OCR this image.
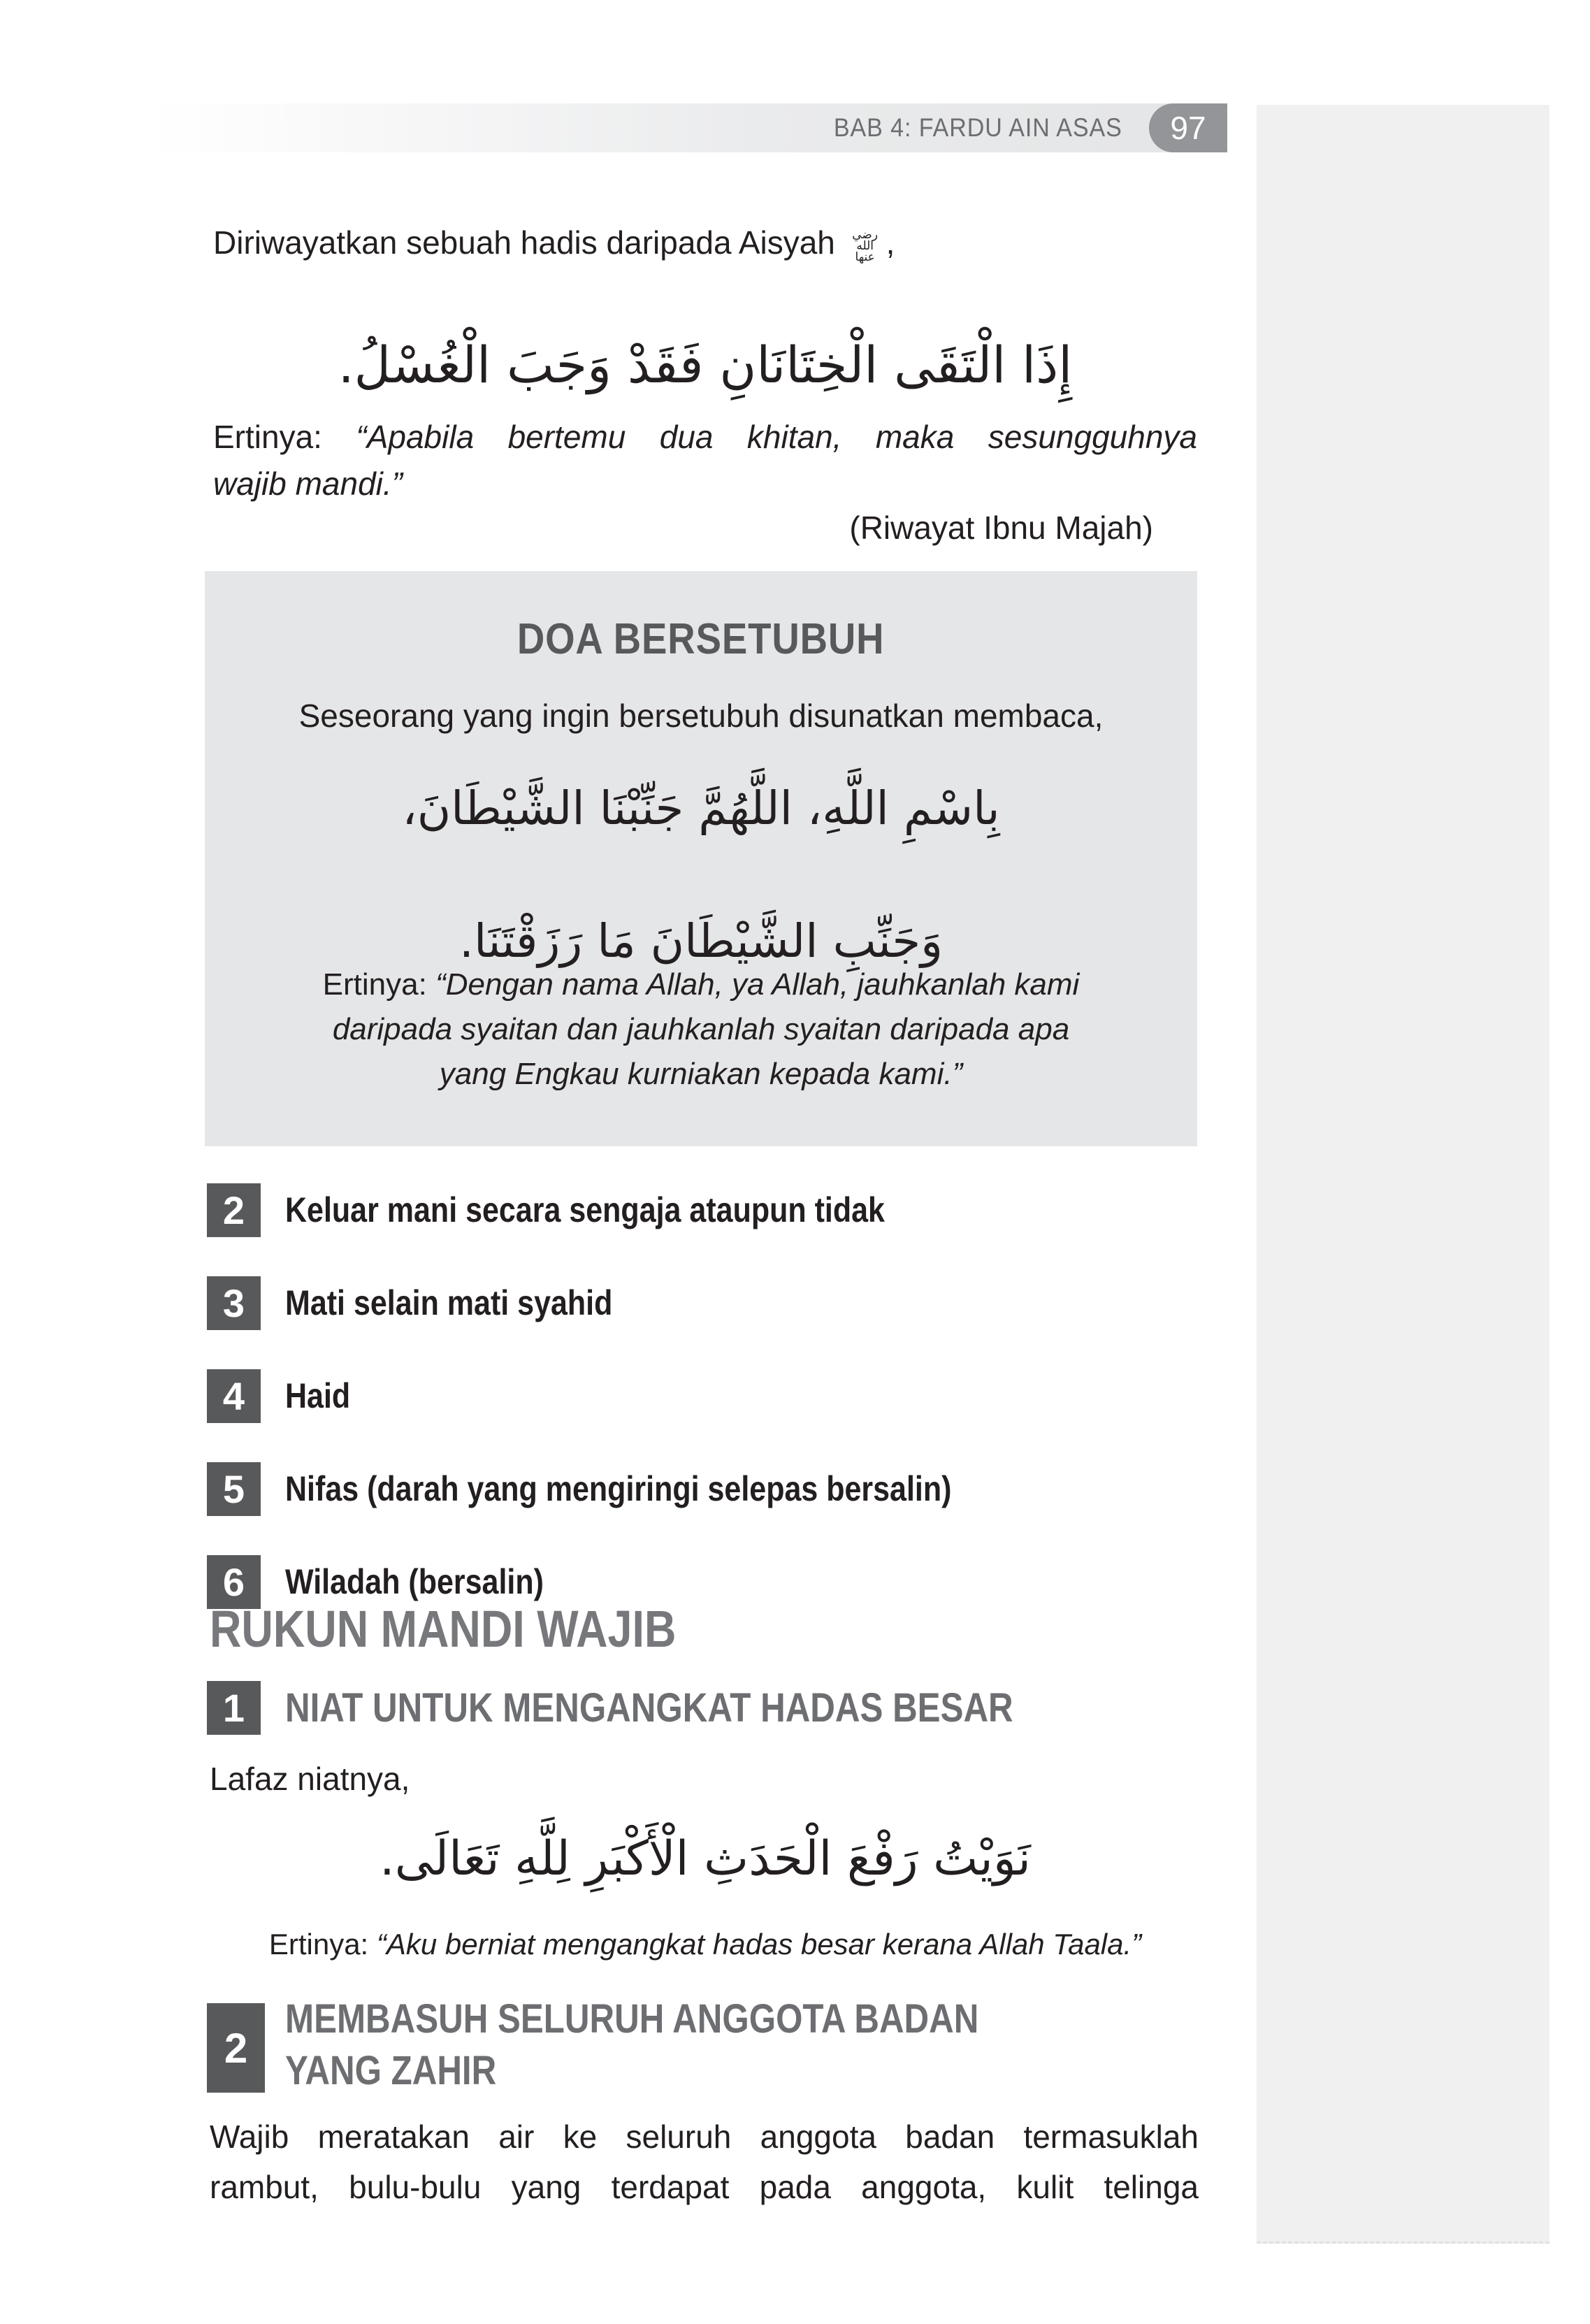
BAB 4: FARDU AIN ASAS 97

Diriwayatkan sebuah hadis daripada Aisyah رضي الله
عنها ,

إِذَا الْتَقَى الْخِتَانَانِ فَقَدْ وَجَبَ الْغُسْلُ.
Ertinya: “Apabila bertemu dua khitan, maka sesungguhnya
wajib mandi.”
(Riwayat Ibnu Majah)
DOA BERSETUBUH
Seseorang yang ingin bersetubuh disunatkan membaca,
بِاسْمِ اللَّهِ، اللَّهُمَّ جَنِّبْنَا الشَّيْطَانَ،
وَجَنِّبِ الشَّيْطَانَ مَا رَزَقْتَنَا.
Ertinya: “Dengan nama Allah, ya Allah, jauhkanlah kami
daripada syaitan dan jauhkanlah syaitan daripada apa
yang Engkau kurniakan kepada kami.”
2	Keluar mani secara sengaja ataupun tidak
3	Mati selain mati syahid
4	Haid
5	Nifas (darah yang mengiringi selepas bersalin)
6	Wiladah (bersalin)
RUKUN MANDI WAJIB
1 NIAT UNTUK MENGANGKAT HADAS BESAR

Lafaz niatnya,

نَوَيْتُ رَفْعَ الْحَدَثِ الْأَكْبَرِ لِلَّهِ تَعَالَى.
Ertinya: “Aku berniat mengangkat hadas besar kerana Allah Taala.”
2
MEMBASUH SELURUH ANGGOTA BADAN
YANG ZAHIR
Wajib meratakan air ke seluruh anggota badan termasuklah
rambut, bulu-bulu yang terdapat pada anggota, kulit telinga
